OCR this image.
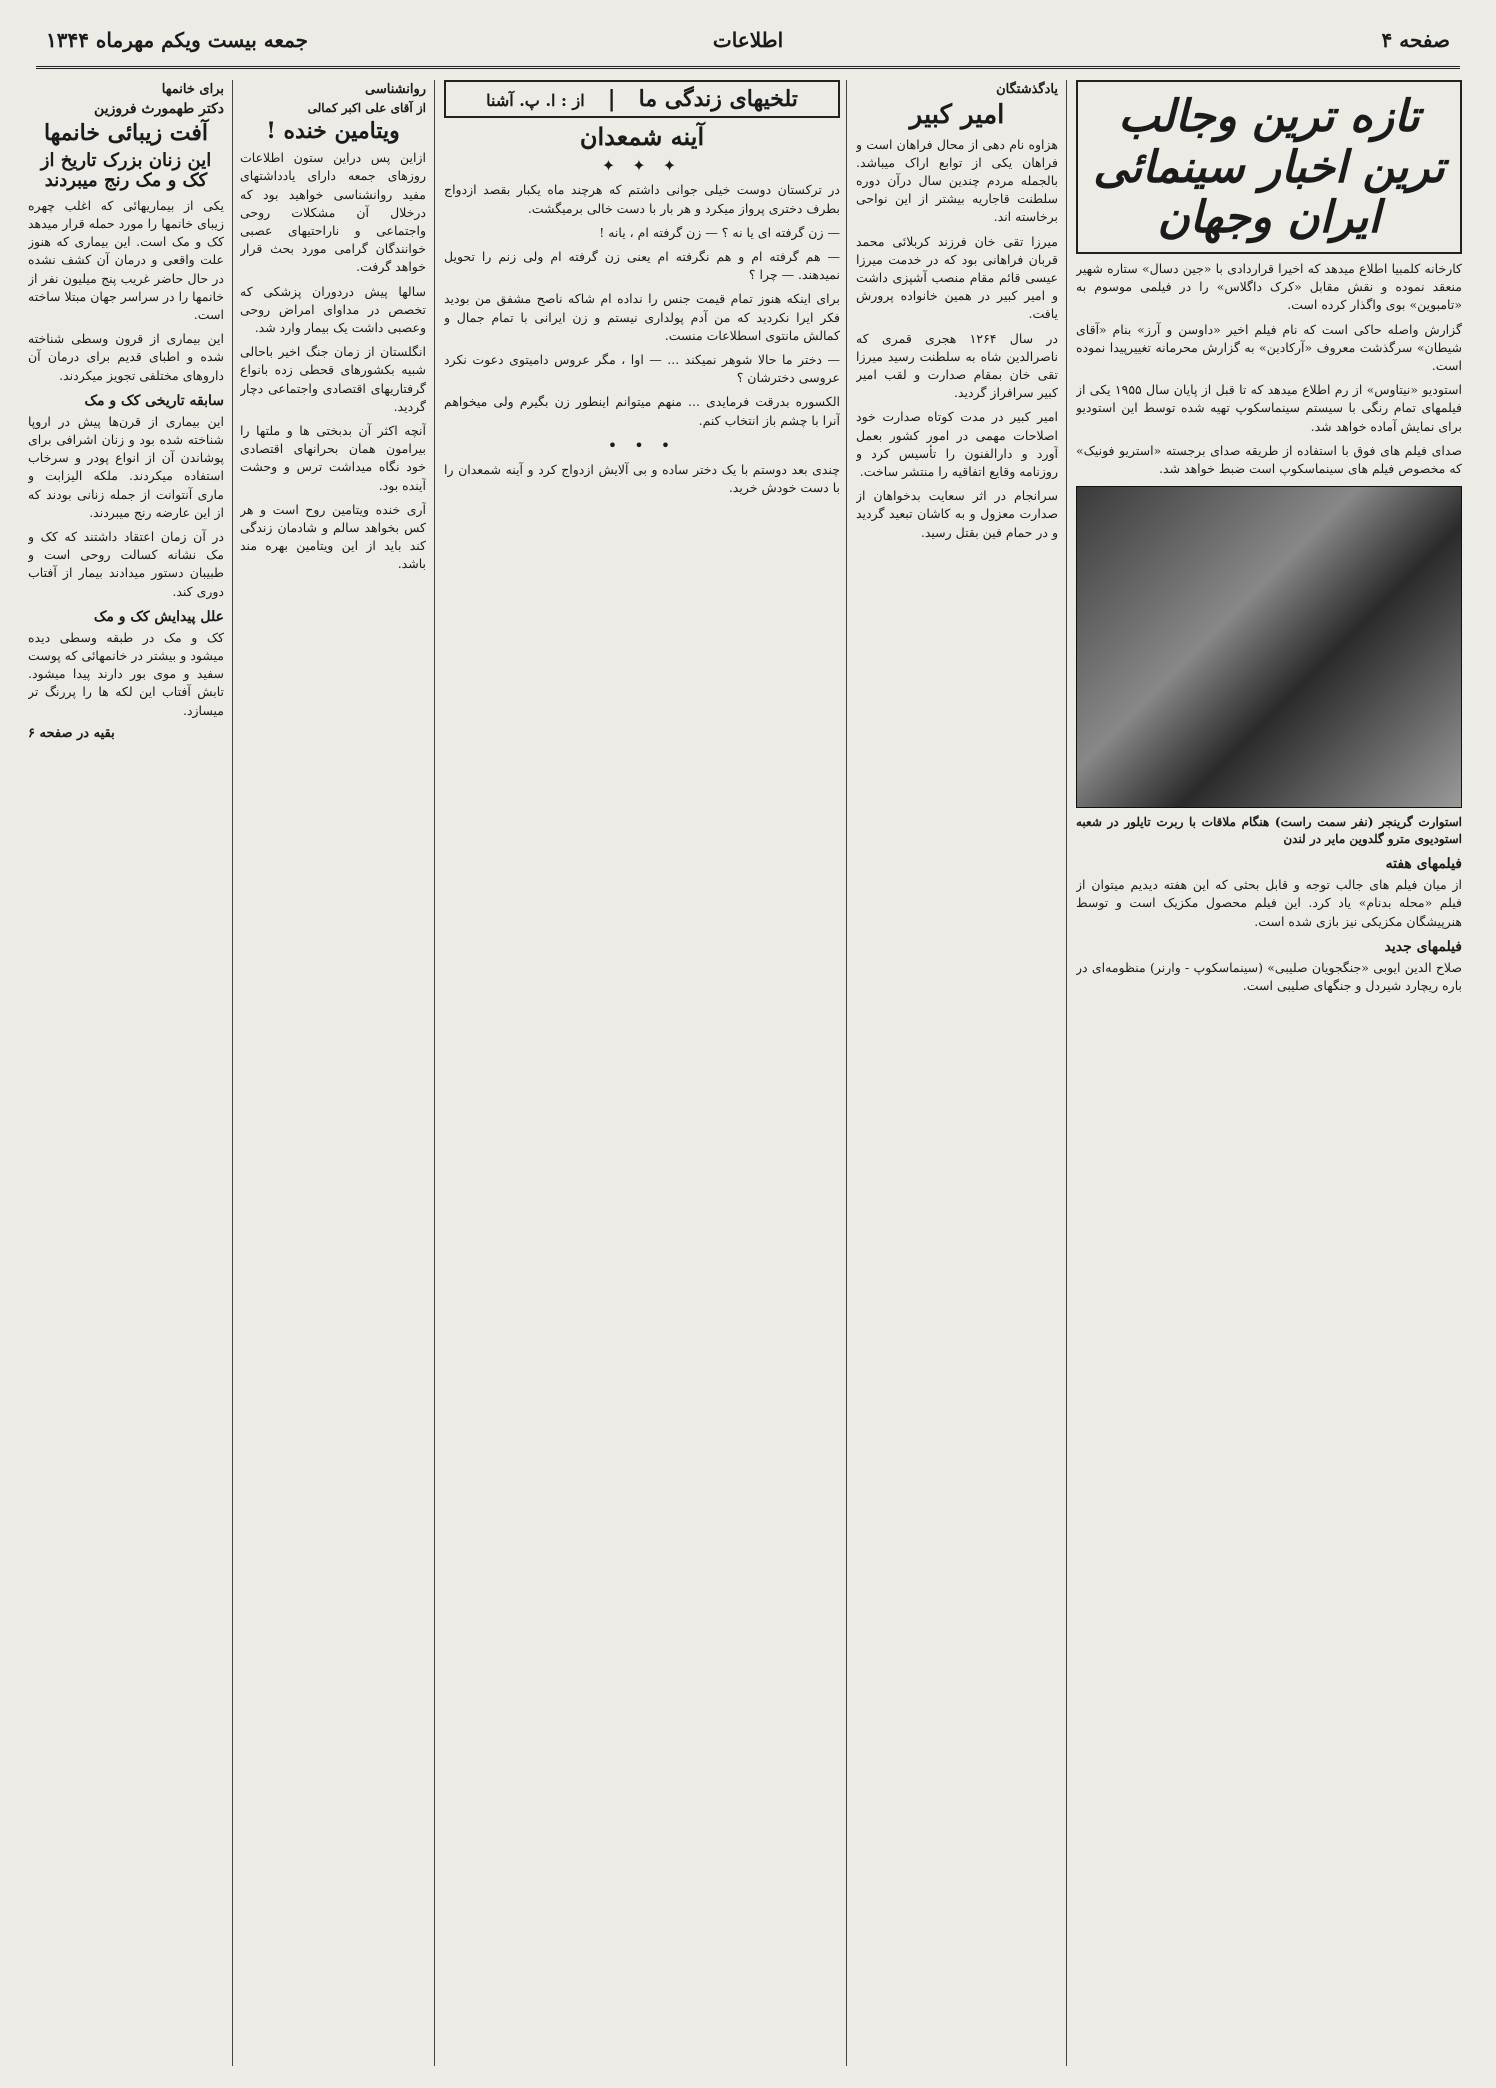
صفحه ۴
اطلاعات
جمعه بیست ویکم مهرماه ۱۳۴۴
تازه ترین وجالب ترین اخبار سینمائی ایران وجهان

کارخانه کلمبیا اطلاع میدهد که اخیرا قراردادی با «جین دسال» ستاره شهیر منعقد نموده و نقش مقابل «کرک داگلاس» را در فیلمی موسوم به «تامبوین» بوی واگذار کرده است.

گزارش واصله حاکی است که نام فیلم اخیر «داوسن و آرز» بنام «آقای شیطان» سرگذشت معروف «آرکادین» به گزارش محرمانه تغییرپیدا نموده است.

استودیو «نیتاوس» از رم اطلاع میدهد که تا قبل از پایان سال ۱۹۵۵ یکی از فیلمهای تمام رنگی با سیستم سینماسکوپ تهیه شده توسط این استودیو برای نمایش آماده خواهد شد.

صدای فیلم های فوق با استفاده از طریقه صدای برجسته «استریو فونیک» که مخصوص فیلم های سینماسکوپ است ضبط خواهد شد.

استوارت گرینجر (نفر سمت راست) هنگام ملاقات با ربرت تایلور در شعبه استودیوی مترو گلدوین مایر در لندن
فیلمهای هفته

از میان فیلم های جالب توجه و قابل بحثی که این هفته دیدیم میتوان از فیلم «محله بدنام» یاد کرد. این فیلم محصول مکزیک است و توسط هنرپیشگان مکزیکی نیز بازی شده است.

فیلمهای جدید

صلاح الدین ایوبی «جنگجویان صلیبی» (سینماسکوپ - وارنر) منظومه‌ای در باره ریچارد شیردل و جنگهای صلیبی است.

یادگذشتگان
امیر کبیر

هزاوه نام دهی از محال فراهان است و فراهان یکی از توابع اراک میباشد. بالجمله مردم چندین سال درآن دوره سلطنت قاجاریه بیشتر از این نواحی برخاسته اند.

میرزا تقی خان فرزند کربلائی محمد قربان فراهانی بود که در خدمت میرزا عیسی قائم مقام منصب آشپزی داشت و امیر کبیر در همین خانواده پرورش یافت.

در سال ۱۲۶۴ هجری قمری که ناصرالدین شاه به سلطنت رسید میرزا تقی خان بمقام صدارت و لقب امیر کبیر سرافراز گردید.

امیر کبیر در مدت کوتاه صدارت خود اصلاحات مهمی در امور کشور بعمل آورد و دارالفنون را تأسیس کرد و روزنامه وقایع اتفاقیه را منتشر ساخت.

سرانجام در اثر سعایت بدخواهان از صدارت معزول و به کاشان تبعید گردید و در حمام فین بقتل رسید.

تلخیهای زندگی ما   |   از : ا. پ. آشنا
آینه شمعدان
✦ ✦ ✦

در ترکستان دوست خیلی جوانی داشتم که هرچند ماه یکبار بقصد ازدواج بطرف دختری پرواز میکرد و هر بار با دست خالی برمیگشت.

— زن گرفته ای یا نه ؟ — زن گرفته ام ، یانه !

— هم گرفته ام و هم نگرفته ام یعنی زن گرفته ام ولی زنم را تحویل نمیدهند. — چرا ؟

برای اینکه هنوز تمام قیمت جنس را نداده ام شاکه ناصح مشفق من بودید فکر ایرا نکردید که من آدم پولداری نیستم و زن ایرانی با تمام جمال و کمالش مانتوی اسطلاعات منست.

— دختر ما حالا شوهر نمیکند ... — اوا ، مگر عروس دامیتوی دعوت نکرد عروسی دخترشان ؟

الکسوره بدرقت فرمایدی ... منهم میتوانم اینطور زن بگیرم ولی میخواهم آنرا با چشم باز انتخاب کنم.

• • •

چندی بعد دوستم با یک دختر ساده و بی آلایش ازدواج کرد و آینه شمعدان را با دست خودش خرید.

روانشناسی
از آقای علی اکبر کمالی
ویتامین خنده !

ازاین پس دراین ستون اطلاعات روزهای جمعه دارای یادداشتهای مفید روانشناسی خواهید بود که درخلال آن مشکلات روحی واجتماعی و ناراحتیهای عصبی خوانندگان گرامی مورد بحث قرار خواهد گرفت.

سالها پیش دردوران پزشکی که تخصص در مداوای امراض روحی وعصبی داشت یک بیمار وارد شد.

انگلستان از زمان جنگ اخیر باحالی شبیه بکشورهای قحطی زده بانواع گرفتاریهای اقتصادی واجتماعی دچار گردید.

آنچه اکثر آن بدبختی ها و ملتها را بیرامون همان بحرانهای اقتصادی خود نگاه میداشت ترس و وحشت آینده بود.

آری خنده ویتامین روح است و هر کس بخواهد سالم و شادمان زندگی کند باید از این ویتامین بهره مند باشد.

برای خانمها
دکتر طهمورث فروزین
آفت زیبائی خانمها
این زنان بزرک تاریخ از کک و مک رنج میبردند

یکی از بیماریهائی که اغلب چهره زیبای خانمها را مورد حمله قرار میدهد کک و مک است. این بیماری که هنوز علت واقعی و درمان آن کشف نشده در حال حاضر غریب پنج میلیون نفر از خانمها را در سراسر جهان مبتلا ساخته است.

این بیماری از قرون وسطی شناخته شده و اطبای قدیم برای درمان آن داروهای مختلفی تجویز میکردند.

سابقه تاریخی کک و مک

این بیماری از قرن‌ها پیش در اروپا شناخته شده بود و زنان اشرافی برای پوشاندن آن از انواع پودر و سرخاب استفاده میکردند. ملکه الیزابت و ماری آنتوانت از جمله زنانی بودند که از این عارضه رنج میبردند.

در آن زمان اعتقاد داشتند که کک و مک نشانه کسالت روحی است و طبیبان دستور میدادند بیمار از آفتاب دوری کند.

علل پیدایش کک و مک

کک و مک در طبقه وسطی دیده میشود و بیشتر در خانمهائی که پوست سفید و موی بور دارند پیدا میشود. تابش آفتاب این لکه ها را پررنگ تر میسازد.

بقیه در صفحه ۶
